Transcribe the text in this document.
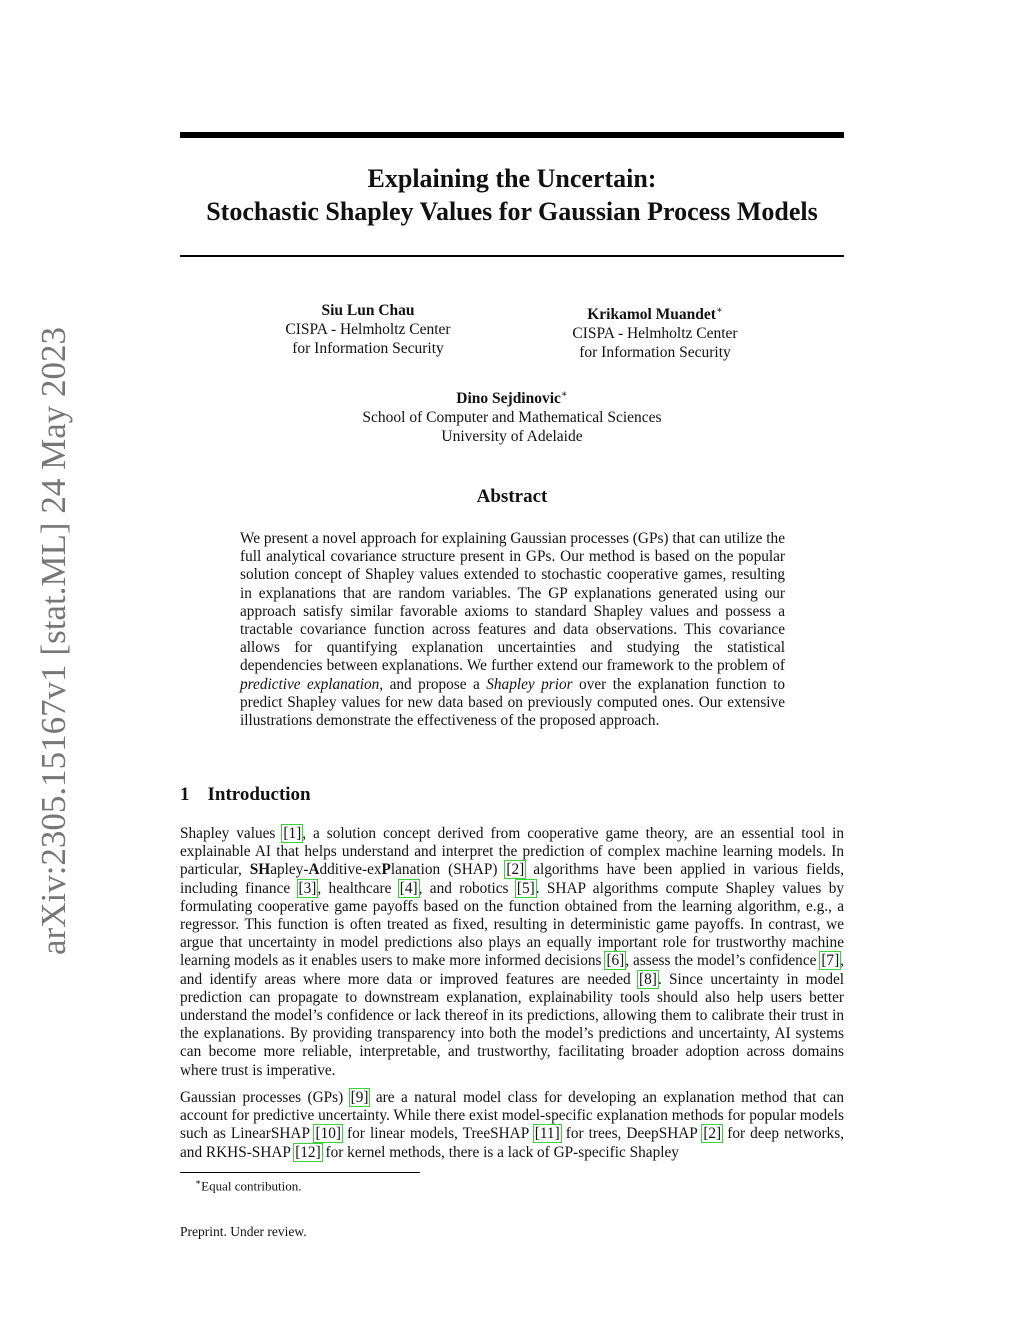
arXiv:2305.15167v1 [stat.ML] 24 May 2023
Explaining the Uncertain:
Stochastic Shapley Values for Gaussian Process Models
Siu Lun Chau
CISPA - Helmholtz Center
for Information Security
Krikamol Muandet∗
CISPA - Helmholtz Center
for Information Security
Dino Sejdinovic∗
School of Computer and Mathematical Sciences
University of Adelaide
Abstract
We present a novel approach for explaining Gaussian processes (GPs) that can utilize the full analytical covariance structure present in GPs. Our method is based on the popular solution concept of Shapley values extended to stochastic cooperative games, resulting in explanations that are random variables. The GP explanations generated using our approach satisfy similar favorable axioms to standard Shapley values and possess a tractable covariance function across features and data observations. This covariance allows for quantifying explanation uncertainties and studying the statistical dependencies between explanations. We further extend our framework to the problem of predictive explanation, and propose a Shapley prior over the explanation function to predict Shapley values for new data based on previously computed ones. Our extensive illustrations demonstrate the effectiveness of the proposed approach.
1 Introduction
Shapley values [1], a solution concept derived from cooperative game theory, are an essential tool in explainable AI that helps understand and interpret the prediction of complex machine learning models. In particular, SHapley-Additive-exPlanation (SHAP) [2] algorithms have been applied in various fields, including finance [3], healthcare [4], and robotics [5]. SHAP algorithms compute Shapley values by formulating cooperative game payoffs based on the function obtained from the learning algorithm, e.g., a regressor. This function is often treated as fixed, resulting in deterministic game payoffs. In contrast, we argue that uncertainty in model predictions also plays an equally important role for trustworthy machine learning models as it enables users to make more informed decisions [6], assess the model’s confidence [7], and identify areas where more data or improved features are needed [8]. Since uncertainty in model prediction can propagate to downstream explanation, explainability tools should also help users better understand the model’s confidence or lack thereof in its predictions, allowing them to calibrate their trust in the explanations. By providing transparency into both the model’s predictions and uncertainty, AI systems can become more reliable, interpretable, and trustworthy, facilitating broader adoption across domains where trust is imperative.
Gaussian processes (GPs) [9] are a natural model class for developing an explanation method that can account for predictive uncertainty. While there exist model-specific explanation methods for popular models such as LinearSHAP [10] for linear models, TreeSHAP [11] for trees, DeepSHAP [2] for deep networks, and RKHS-SHAP [12] for kernel methods, there is a lack of GP-specific Shapley
∗Equal contribution.
Preprint. Under review.
